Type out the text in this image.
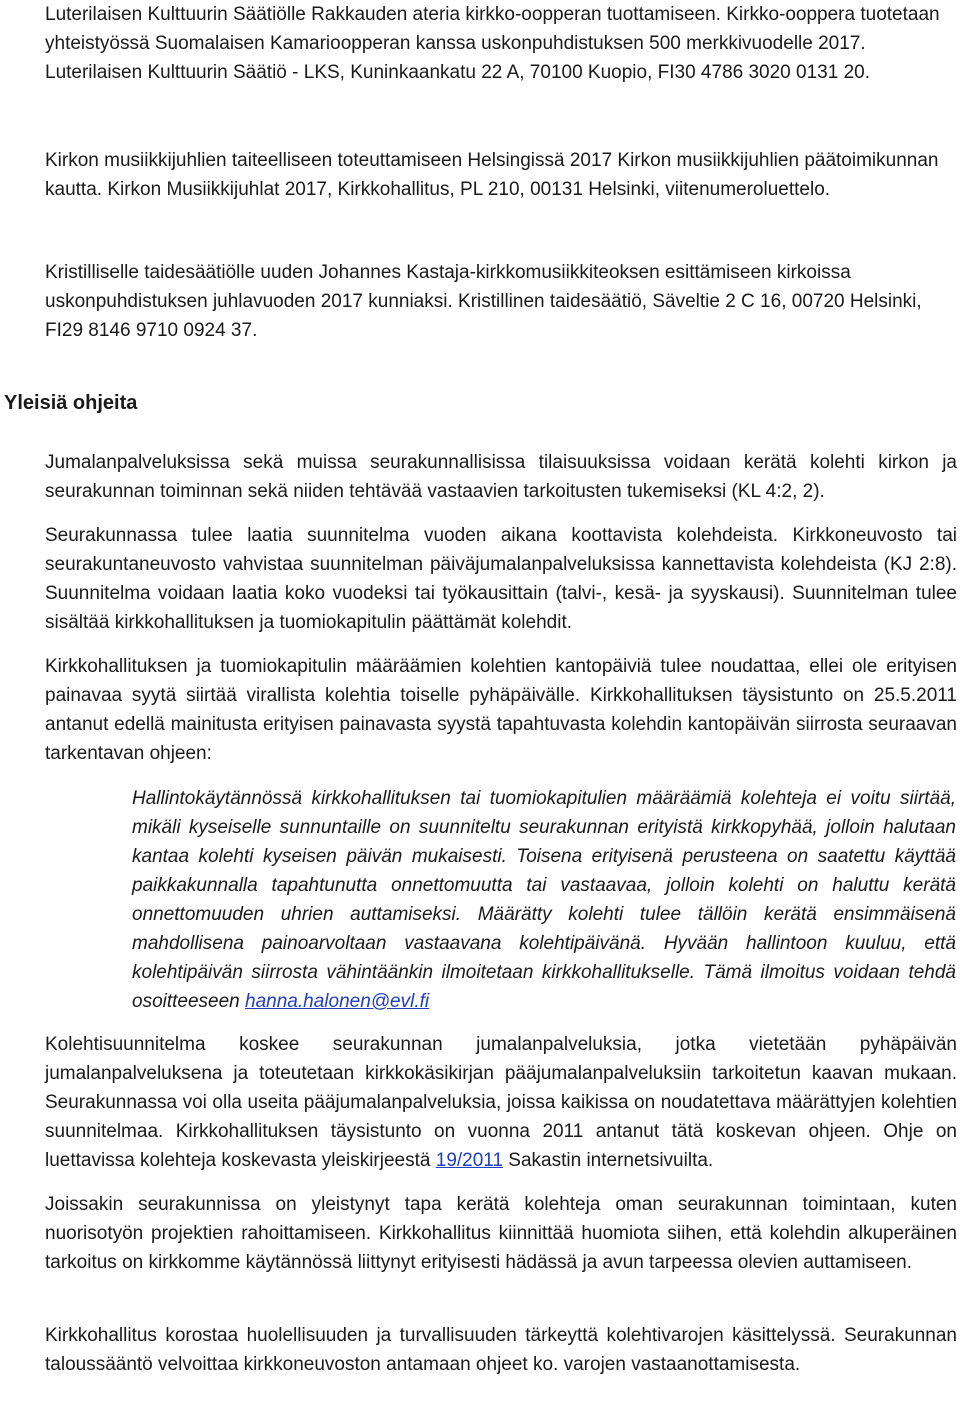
Luterilaisen Kulttuurin Säätiölle Rakkauden ateria kirkko-oopperan tuottamiseen. Kirkko-ooppera tuotetaan yhteistyössä Suomalaisen Kamarioopperan kanssa uskonpuhdistuksen 500 merkkivuodelle 2017. Luterilaisen Kulttuurin Säätiö - LKS, Kuninkaankatu 22 A, 70100 Kuopio, FI30 4786 3020 0131 20.

Kirkon musiikkijuhlien taiteelliseen toteuttamiseen Helsingissä 2017 Kirkon musiikkijuhlien päätoimikunnan kautta. Kirkon Musiikkijuhlat 2017, Kirkkohallitus, PL 210, 00131 Helsinki, viitenumeroluettelo.

Kristilliselle taidesäätiölle uuden Johannes Kastaja-kirkkomusiikkiteoksen esittämiseen kirkoissa uskonpuhdistuksen juhlavuoden 2017 kunniaksi. Kristillinen taidesäätiö, Säveltie 2 C 16, 00720 Helsinki, FI29 8146 9710 0924 37.

Yleisiä ohjeita

Jumalanpalveluksissa sekä muissa seurakunnallisissa tilaisuuksissa voidaan kerätä kolehti kirkon ja seurakunnan toiminnan sekä niiden tehtävää vastaavien tarkoitusten tukemiseksi (KL 4:2, 2).

Seurakunnassa tulee laatia suunnitelma vuoden aikana koottavista kolehdeista. Kirkkoneuvosto tai seurakuntaneuvosto vahvistaa suunnitelman päiväjumalanpalveluksissa kannettavista kolehdeista (KJ 2:8). Suunnitelma voidaan laatia koko vuodeksi tai työkausittain (talvi-, kesä- ja syyskausi). Suunnitelman tulee sisältää kirkkohallituksen ja tuomiokapitulin päättämät kolehdit.

Kirkkohallituksen ja tuomiokapitulin määräämien kolehtien kantopäiviä tulee noudattaa, ellei ole erityisen painavaa syytä siirtää virallista kolehtia toiselle pyhäpäivälle. Kirkkohallituksen täysistunto on 25.5.2011 antanut edellä mainitusta erityisen painavasta syystä tapahtuvasta kolehdin kantopäivän siirrosta seuraavan tarkentavan ohjeen:

Hallintokäytännössä kirkkohallituksen tai tuomiokapitulien määräämiä kolehteja ei voitu siirtää, mikäli kyseiselle sunnuntaille on suunniteltu seurakunnan erityistä kirkkopyhää, jolloin halutaan kantaa kolehti kyseisen päivän mukaisesti. Toisena erityisenä perusteena on saatettu käyttää paikkakunnalla tapahtunutta onnettomuutta tai vastaavaa, jolloin kolehti on haluttu kerätä onnettomuuden uhrien auttamiseksi. Määrätty kolehti tulee tällöin kerätä ensimmäisenä mahdollisena painoarvoltaan vastaavana kolehtipäivänä. Hyvään hallintoon kuuluu, että kolehtipäivän siirrosta vähintäänkin ilmoitetaan kirkkohallitukselle. Tämä ilmoitus voidaan tehdä osoitteeseen hanna.halonen@evl.fi

Kolehtisuunnitelma koskee seurakunnan jumalanpalveluksia, jotka vietetään pyhäpäivän jumalanpalveluksena ja toteutetaan kirkkokäsikirjan pääjumalanpalveluksiin tarkoitetun kaavan mukaan. Seurakunnassa voi olla useita pääjumalanpalveluksia, joissa kaikissa on noudatettava määrättyjen kolehtien suunnitelmaa. Kirkkohallituksen täysistunto on vuonna 2011 antanut tätä koskevan ohjeen. Ohje on luettavissa kolehteja koskevasta yleiskirjeestä 19/2011 Sakastin internetsivuilta.

Joissakin seurakunnissa on yleistynyt tapa kerätä kolehteja oman seurakunnan toimintaan, kuten nuorisotyön projektien rahoittamiseen. Kirkkohallitus kiinnittää huomiota siihen, että kolehdin alkuperäinen tarkoitus on kirkkomme käytännössä liittynyt erityisesti hädässä ja avun tarpeessa olevien auttamiseen.

Kirkkohallitus korostaa huolellisuuden ja turvallisuuden tärkeyttä kolehtivarojen käsittelyssä. Seurakunnan taloussääntö velvoittaa kirkkoneuvoston antamaan ohjeet ko. varojen vastaanottamisesta.
